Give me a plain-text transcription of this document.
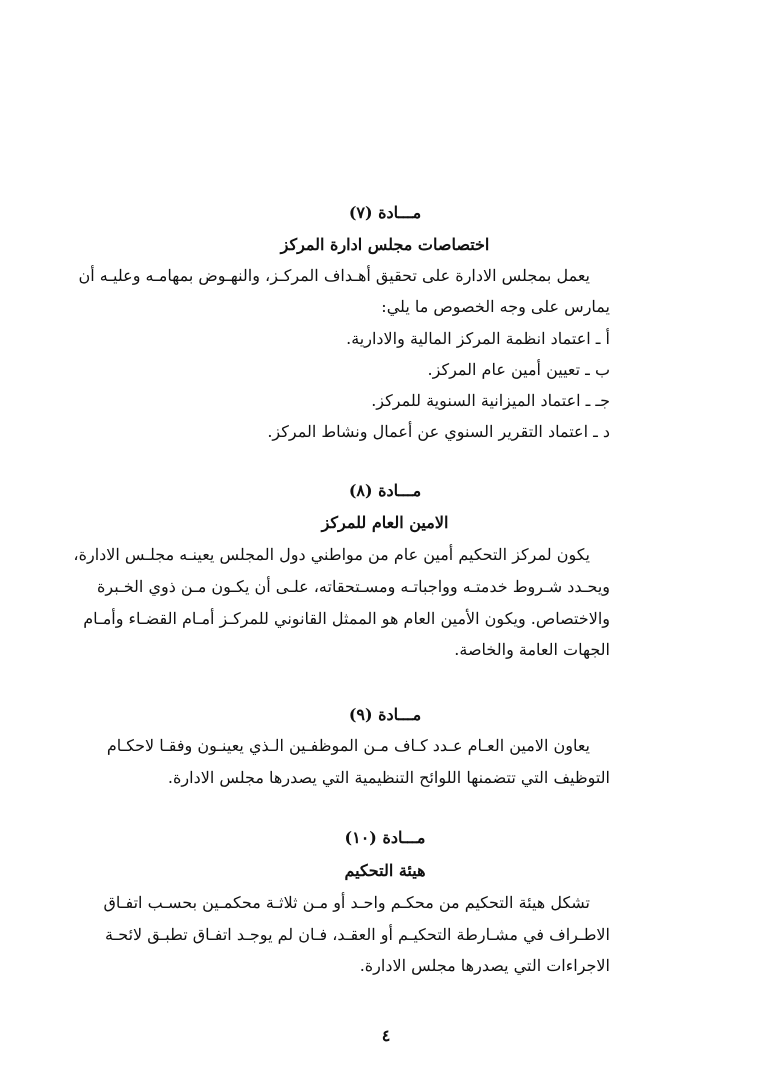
مـــادة (٧)
اختصاصات مجلس ادارة المركز
يعمل بمجلس الادارة على تحقيق أهـداف المركـز، والنهـوض بمهامـه وعليـه أن
يمارس على وجه الخصوص ما يلي:
أ ـ اعتماد انظمة المركز المالية والادارية.
ب ـ تعيين أمين عام المركز.
جـ ـ اعتماد الميزانية السنوية للمركز.
د ـ اعتماد التقرير السنوي عن أعمال ونشاط المركز.
مـــادة (٨)
الامين العام للمركز
يكون لمركز التحكيم أمين عام من مواطني دول المجلس يعينـه مجلـس الادارة،
ويحـدد شـروط خدمتـه وواجباتـه ومسـتحقاته، علـى أن يكـون مـن ذوي الخـبرة
والاختصاص. ويكون الأمين العام هو الممثل القانوني للمركـز أمـام القضـاء وأمـام
الجهات العامة والخاصة.
مـــادة (٩)
يعاون الامين العـام عـدد كـاف مـن الموظفـين الـذي يعينـون وفقـا لاحكـام
التوظيف التي تتضمنها اللوائح التنظيمية التي يصدرها مجلس الادارة.
مـــادة (١٠)
هيئة التحكيم
تشكل هيئة التحكيم من محكـم واحـد أو مـن ثلاثـة محكمـين بحسـب اتفـاق
الاطـراف في مشـارطة التحكيـم أو العقـد، فـان لم يوجـد اتفـاق تطبـق لائحـة
الاجراءات التي يصدرها مجلس الادارة.
٤
